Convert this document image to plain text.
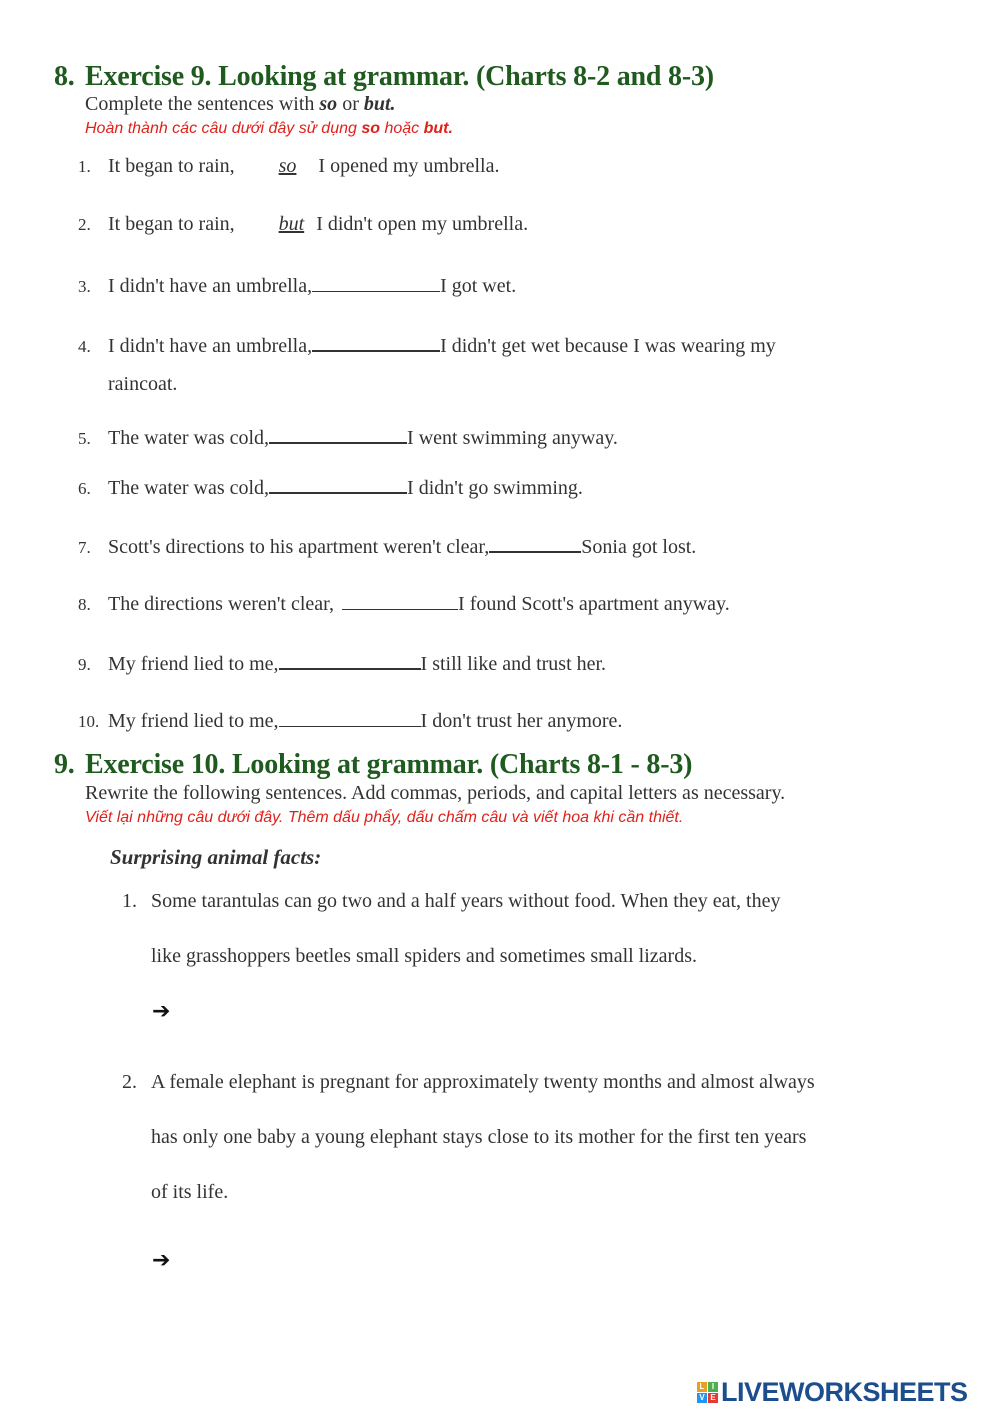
8. Exercise 9. Looking at grammar. (Charts 8-2 and 8-3)
Complete the sentences with so or but.
Hoàn thành các câu dưới đây sử dụng so hoặc but.
1. It began to rain, so I opened my umbrella.
2. It began to rain, but I didn't open my umbrella.
3. I didn't have an umbrella,	I got wet.
4. I didn't have an umbrella,	I didn't get wet because I was wearing my
raincoat.
5. The water was cold,	I went swimming anyway.
6. The water was cold,	I didn't go swimming.
7. Scott's directions to his apartment weren't clear,	Sonia got lost.
8. The directions weren't clear,	I found Scott's apartment anyway.
9. My friend lied to me,	I still like and trust her.
10. My friend lied to me,	I don't trust her anymore.
9. Exercise 10. Looking at grammar. (Charts 8-1 - 8-3)
Rewrite the following sentences. Add commas, periods, and capital letters as necessary.
Viết lại những câu dưới đây. Thêm dấu phẩy, dấu chấm câu và viết hoa khi cần thiết.
Surprising animal facts:
1. Some tarantulas can go two and a half years without food. When they eat, they
like grasshoppers beetles small spiders and sometimes small lizards.
➔
2. A female elephant is pregnant for approximately twenty months and almost always
has only one baby a young elephant stays close to its mother for the first ten years
of its life.
➔
L I
V E LIVEWORKSHEETS
